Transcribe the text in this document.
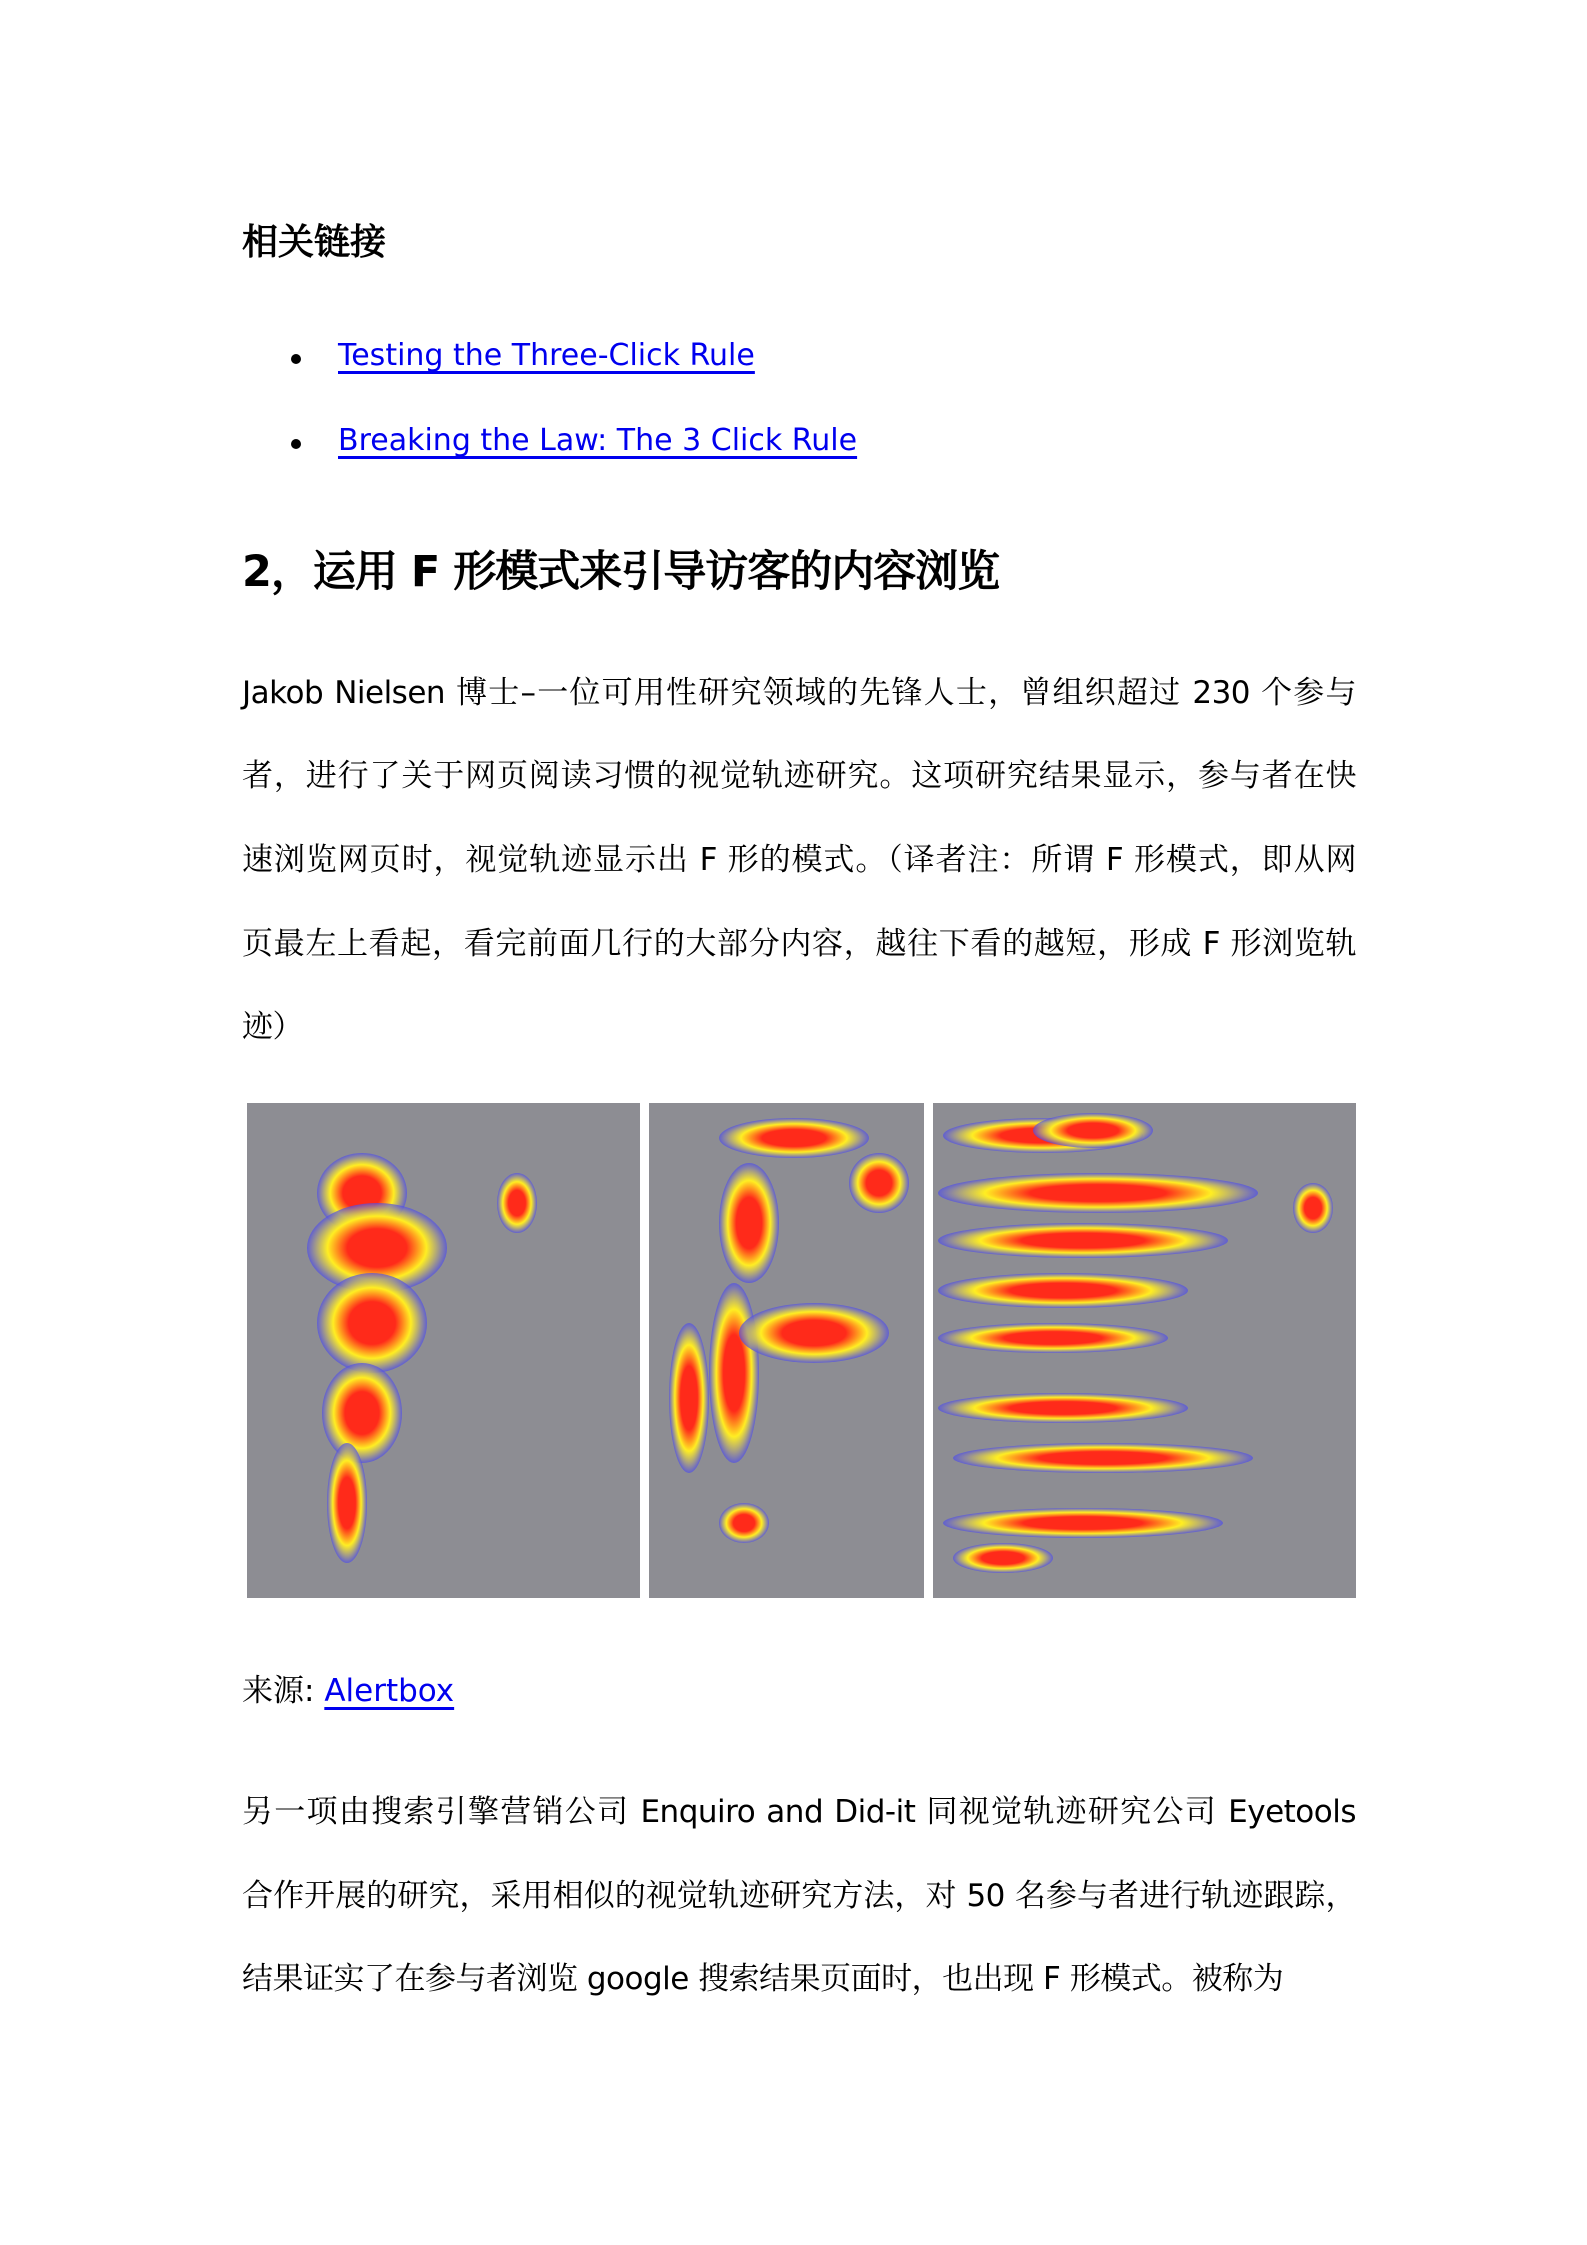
相关链接
Testing the Three-Click Rule
Breaking the Law: The 3 Click Rule
2，运用 F 形模式来引导访客的内容浏览
Jakob Nielsen 博士–一位可用性研究领域的先锋人士，曾组织超过 230 个参与
者，进行了关于网页阅读习惯的视觉轨迹研究。这项研究结果显示，参与者在快
速浏览网页时，视觉轨迹显示出 F 形的模式。（译者注：所谓 F 形模式，即从网
页最左上看起，看完前面几行的大部分内容，越往下看的越短，形成 F 形浏览轨
迹）
来源: Alertbox
另一项由搜索引擎营销公司 Enquiro and Did-it 同视觉轨迹研究公司 Eyetools
合作开展的研究，采用相似的视觉轨迹研究方法，对 50 名参与者进行轨迹跟踪，
结果证实了在参与者浏览 google 搜索结果页面时，也出现 F 形模式。被称为
